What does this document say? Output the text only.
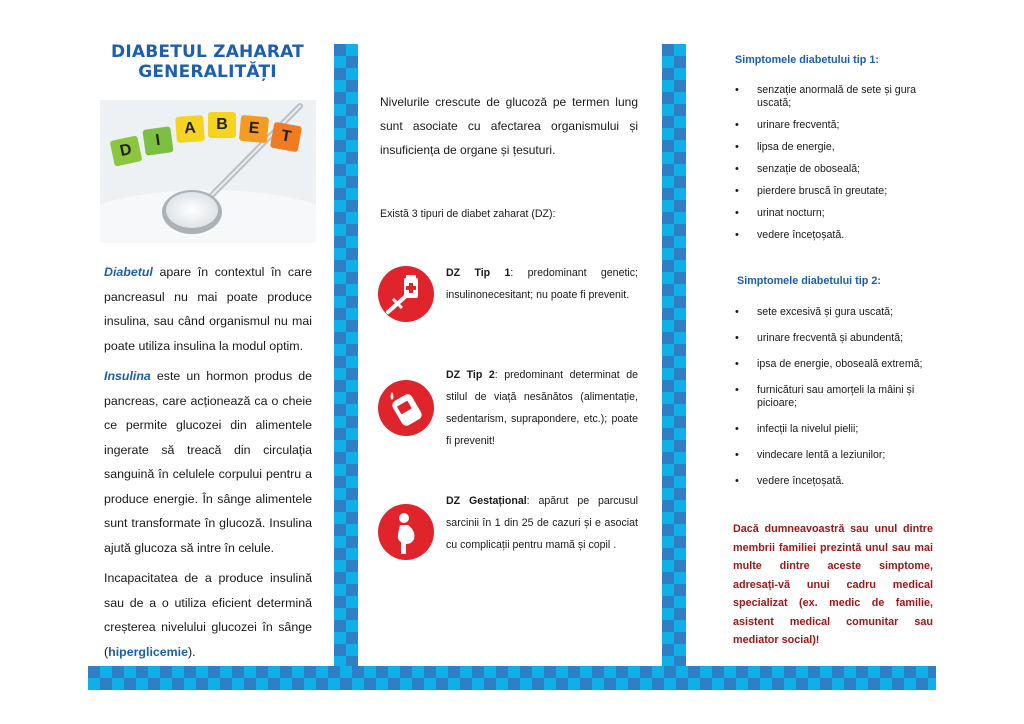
DIABETUL ZAHARAT
GENERALITĂȚI
D
I
A	B	E	T
Diabetul apare în contextul în care pancreasul nu mai poate produce insulina, sau când organismul nu mai poate utiliza insulina la modul optim.
Insulina este un hormon produs de pancreas, care acționează ca o cheie ce permite glucozei din alimentele ingerate să treacă din circulația sanguină în celulele corpului pentru a produce energie. În sânge alimentele sunt transformate în glucoză. Insulina ajută glucoza să intre în celule.
Incapacitatea de a produce insulină sau de a o utiliza eficient determină creșterea nivelului glucozei în sânge (hiperglicemie).
Nivelurile crescute de glucoză pe termen lung sunt asociate cu afectarea organismului și insuficiența de organe și țesuturi.
Există 3 tipuri de diabet zaharat (DZ):
DZ Tip 1: predominant genetic; insulinonecesitant; nu poate fi prevenit.
DZ Tip 2: predominant determinat de stilul de viață nesănătos (alimentație, sedentarism, suprapondere, etc.); poate fi prevenit!
DZ Gestațional: apărut pe parcusul sarcinii în 1 din 25 de cazuri și e asociat cu complicații pentru mamă și copil .
Simptomele diabetului tip 1:
• senzație anormală de sete și gura uscată;
• urinare frecventă;
• lipsa de energie,
• senzație de oboseală;
• pierdere bruscă în greutate;
• urinat nocturn;
• vedere încețoșată.
Simptomele diabetului tip 2:
• sete excesivă și gura uscată;
• urinare frecventă și abundentă;
• ipsa de energie, oboseală extremă;
• furnicături sau amorțeli la mâini și picioare;
• infecții la nivelul pielii;
• vindecare lentă a leziunilor;
• vedere încețoșată.
Dacă dumneavoastră sau unul dintre membrii familiei prezintă unul sau mai multe dintre aceste simptome, adresați-vă unui cadru medical specializat (ex. medic de familie, asistent medical comunitar sau mediator social)!
